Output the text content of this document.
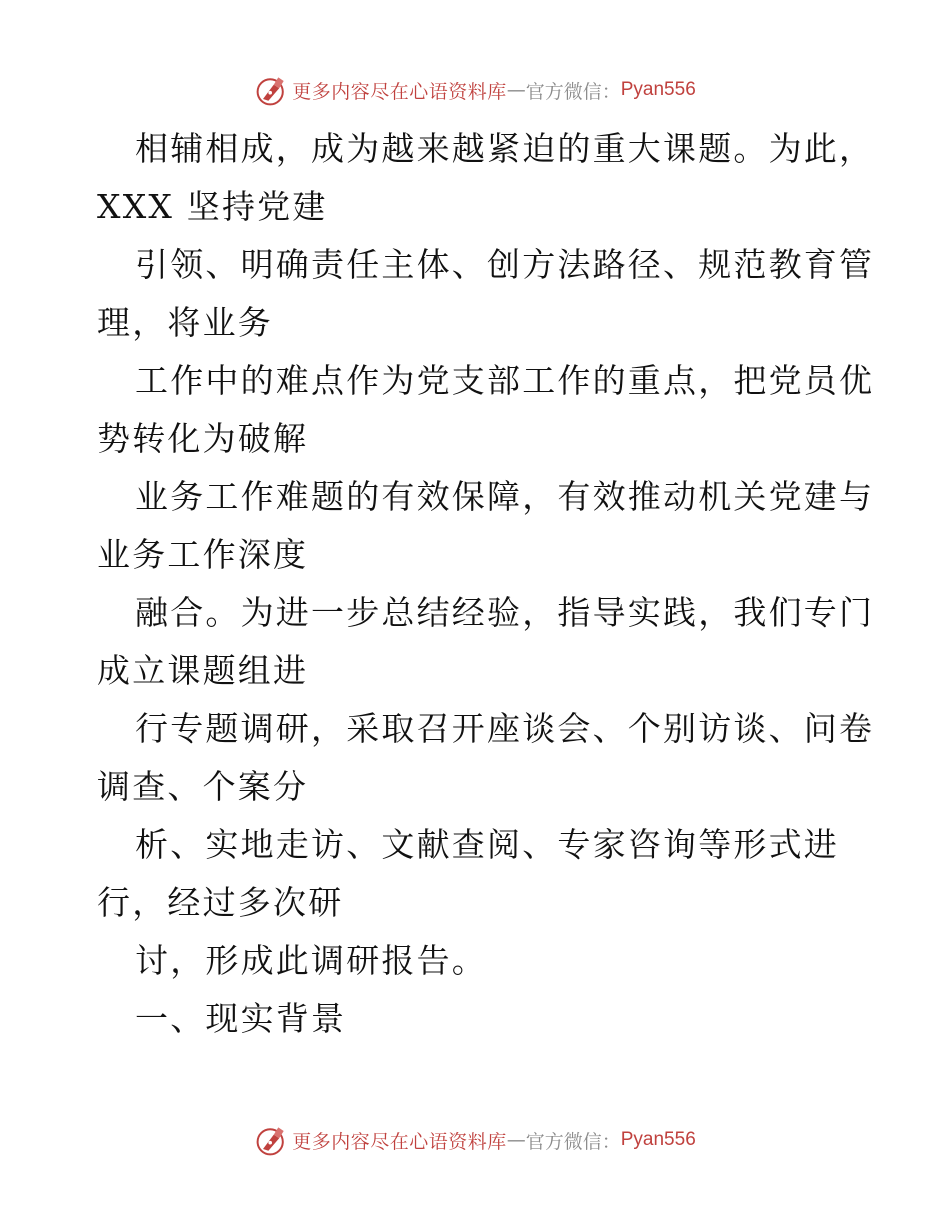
更多内容尽在心语资料库 — 官方微信： Pyan556
相辅相成，成为越来越紧迫的重大课题。为此，
XXX 坚持党建
引领、明确责任主体、创方法路径、规范教育管
理，将业务
工作中的难点作为党支部工作的重点，把党员优
势转化为破解
业务工作难题的有效保障，有效推动机关党建与
业务工作深度
融合。为进一步总结经验，指导实践，我们专门
成立课题组进
行专题调研，采取召开座谈会、个别访谈、问卷
调查、个案分
析、实地走访、文献查阅、专家咨询等形式进
行，经过多次研
讨，形成此调研报告。
一、现实背景
更多内容尽在心语资料库 — 官方微信： Pyan556
